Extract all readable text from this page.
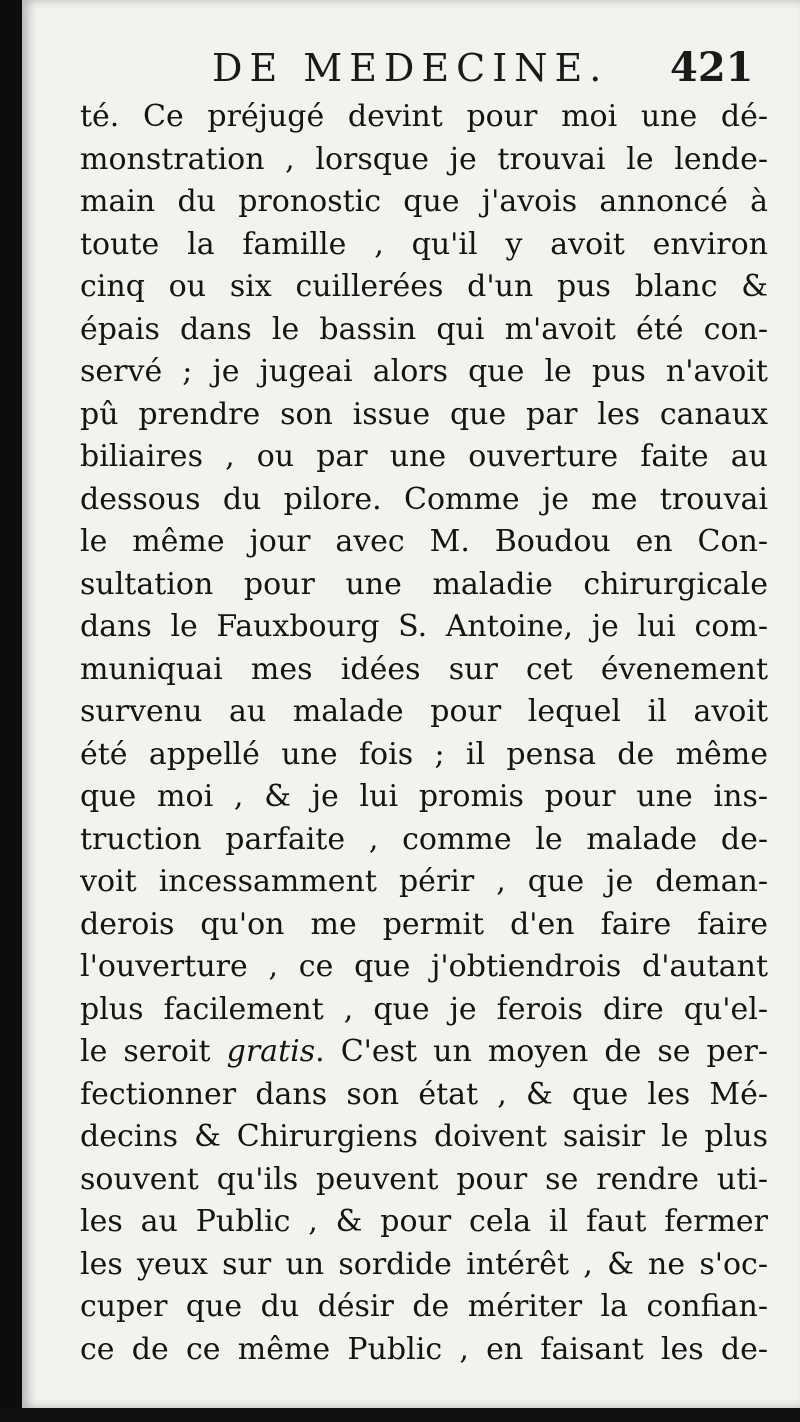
DE MEDECINE. 421
té. Ce préjugé devint pour moi une dé-
monstration , lorsque je trouvai le lende-
main du pronostic que j'avois annoncé à
toute la famille , qu'il y avoit environ
cinq ou six cuillerées d'un pus blanc &
épais dans le bassin qui m'avoit été con-
servé ; je jugeai alors que le pus n'avoit
pû prendre son issue que par les canaux
biliaires , ou par une ouverture faite au
dessous du pilore. Comme je me trouvai
le même jour avec M. Boudou en Con-
sultation pour une maladie chirurgicale
dans le Fauxbourg S. Antoine, je lui com-
muniquai mes idées sur cet évenement
survenu au malade pour lequel il avoit
été appellé une fois ; il pensa de même
que moi , & je lui promis pour une ins-
truction parfaite , comme le malade de-
voit incessamment périr , que je deman-
derois qu'on me permit d'en faire faire
l'ouverture , ce que j'obtiendrois d'autant
plus facilement , que je ferois dire qu'el-
le seroit gratis. C'est un moyen de se per-
fectionner dans son état , & que les Mé-
decins & Chirurgiens doivent saisir le plus
souvent qu'ils peuvent pour se rendre uti-
les au Public , & pour cela il faut fermer
les yeux sur un sordide intérêt , & ne s'oc-
cuper que du désir de mériter la confian-
ce de ce même Public , en faisant les de-
